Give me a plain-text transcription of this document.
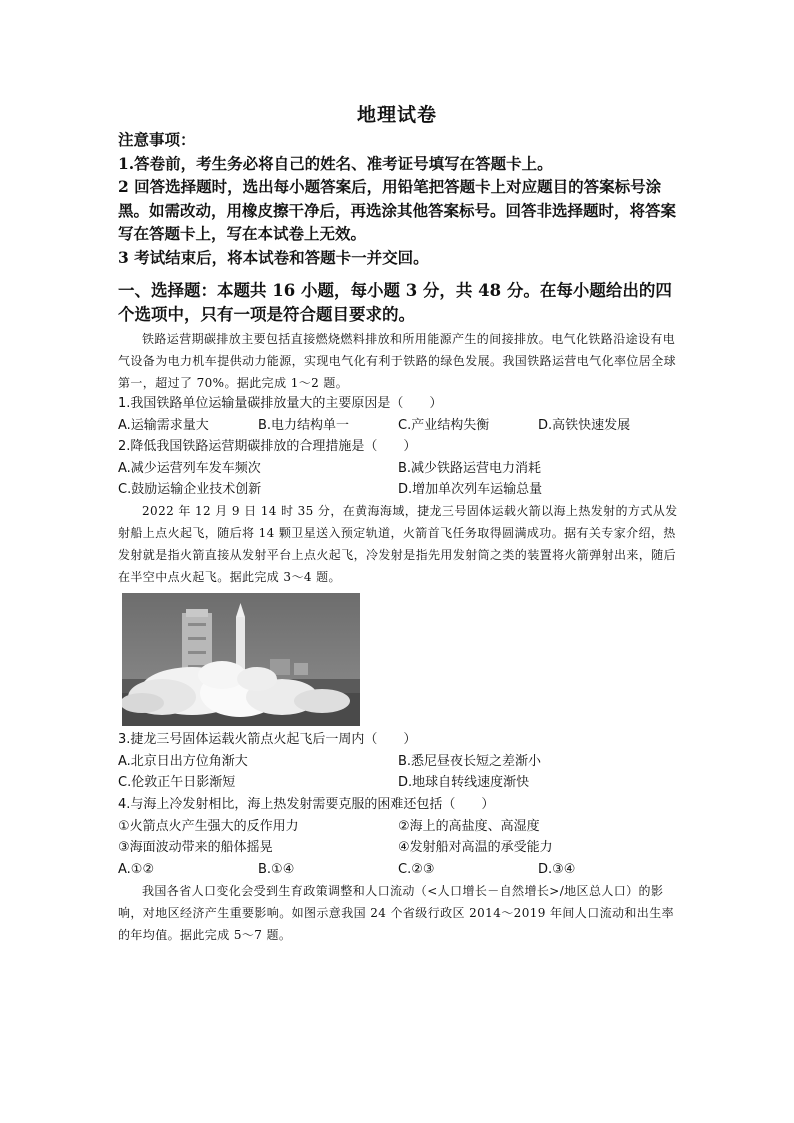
地理试卷

注意事项：

1.答卷前，考生务必将自己的姓名、准考证号填写在答题卡上。

2 回答选择题时，选出每小题答案后，用铅笔把答题卡上对应题目的答案标号涂黑。如需改动，用橡皮擦干净后，再选涂其他答案标号。回答非选择题时，将答案写在答题卡上，写在本试卷上无效。

3 考试结束后，将本试卷和答题卡一并交回。

一、选择题：本题共 16 小题，每小题 3 分，共 48 分。在每小题给出的四个选项中，只有一项是符合题目要求的。
铁路运营期碳排放主要包括直接燃烧燃料排放和所用能源产生的间接排放。电气化铁路沿途设有电气设备为电力机车提供动力能源，实现电气化有利于铁路的绿色发展。我国铁路运营电气化率位居全球第一，超过了 70%。据此完成 1～2 题。
1.我国铁路单位运输量碳排放量大的主要原因是（　　）
A.运输需求量大	B.电力结构单一	C.产业结构失衡	D.高铁快速发展
2.降低我国铁路运营期碳排放的合理措施是（　　）
A.减少运营列车发车频次	B.减少铁路运营电力消耗
C.鼓励运输企业技术创新	D.增加单次列车运输总量
2022 年 12 月 9 日 14 时 35 分，在黄海海域，捷龙三号固体运载火箭以海上热发射的方式从发射船上点火起飞，随后将 14 颗卫星送入预定轨道，火箭首飞任务取得圆满成功。据有关专家介绍，热发射就是指火箭直接从发射平台上点火起飞，冷发射是指先用发射筒之类的装置将火箭弹射出来，随后在半空中点火起飞。据此完成 3～4 题。
3.捷龙三号固体运载火箭点火起飞后一周内（　　）
A.北京日出方位角渐大	B.悉尼昼夜长短之差渐小
C.伦敦正午日影渐短	D.地球自转线速度渐快
4.与海上冷发射相比，海上热发射需要克服的困难还包括（　　）
①火箭点火产生强大的反作用力	②海上的高盐度、高湿度
③海面波动带来的船体摇晃	④发射船对高温的承受能力
A.①②	B.①④	C.②③	D.③④
我国各省人口变化会受到生育政策调整和人口流动（<人口增长－自然增长>/地区总人口）的影响，对地区经济产生重要影响。如图示意我国 24 个省级行政区 2014～2019 年间人口流动和出生率的年均值。据此完成 5～7 题。
